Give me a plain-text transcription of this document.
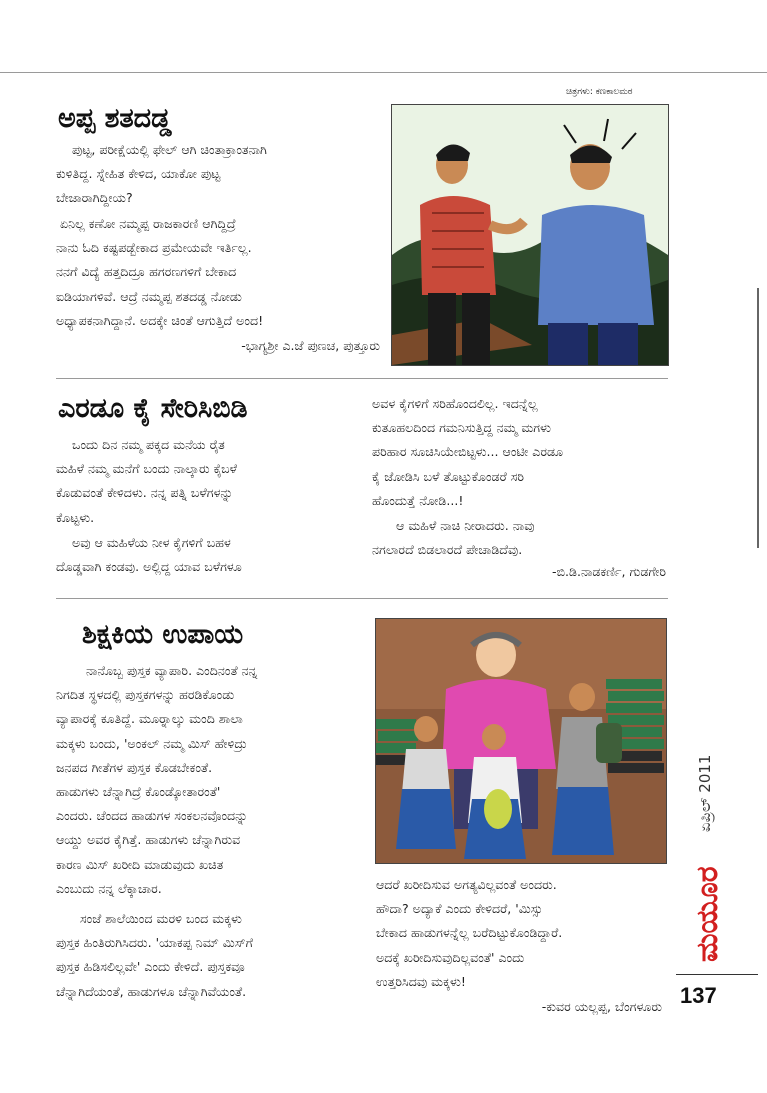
ಚಿತ್ರಗಳು: ಕಣಕಾಲಮಠ
ಅಪ್ಪ ಶತದಡ್ಡ

ಪುಟ್ಟ, ಪರೀಕ್ಷೆಯಲ್ಲಿ ಫೇಲ್ ಆಗಿ ಚಿಂತಾಕ್ರಾಂತನಾಗಿ
ಕುಳಿತಿದ್ದ. ಸ್ನೇಹಿತ ಕೇಳಿದ, ಯಾಕೋ ಪುಟ್ಟ
ಬೇಜಾರಾಗಿದ್ದೀಯ?

ಏನಿಲ್ಲ ಕಣೋ ನಮ್ಮಪ್ಪ ರಾಜಕಾರಣಿ ಆಗಿದ್ದಿದ್ರೆ
ನಾನು ಓದಿ ಕಷ್ಟಪಡ್ಬೇಕಾದ ಪ್ರಮೇಯವೇ ಇರ್ತಿಲ್ಲ.
ನನಗೆ ವಿದ್ಯೆ ಹತ್ತದಿದ್ರೂ ಹಗರಣಗಳಿಗೆ ಬೇಕಾದ
ಐಡಿಯಾಗಳಿವೆ. ಆದ್ರೆ ನಮ್ಮಪ್ಪ ಶತದಡ್ಡ ನೋಡು
ಅಧ್ಯಾಪಕನಾಗಿದ್ದಾನೆ. ಅದಕ್ಕೇ ಚಿಂತೆ ಆಗುತ್ತಿದೆ ಅಂದ!

-ಭಾಗ್ಯಶ್ರೀ ಎ.ಜೆ ಪುಣಚ, ಪುತ್ತೂರು
ಎರಡೂ ಕೈ ಸೇರಿಸಿಬಿಡಿ

ಒಂದು ದಿನ ನಮ್ಮ ಪಕ್ಕದ ಮನೆಯ ರೈತ
ಮಹಿಳೆ ನಮ್ಮ ಮನೆಗೆ ಬಂದು ನಾಲ್ಕಾರು ಕೈಬಳೆ
ಕೊಡುವಂತೆ ಕೇಳಿದಳು. ನನ್ನ ಪತ್ನಿ ಬಳೆಗಳನ್ನು
ಕೊಟ್ಟಳು.

ಅವು ಆ ಮಹಿಳೆಯ ನೀಳ ಕೈಗಳಿಗೆ ಬಹಳ
ದೊಡ್ಡವಾಗಿ ಕಂಡವು. ಅಲ್ಲಿದ್ದ ಯಾವ ಬಳೆಗಳೂ

ಅವಳ ಕೈಗಳಿಗೆ ಸರಿಹೊಂದಲಿಲ್ಲ. ಇದನ್ನೆಲ್ಲ
ಕುತೂಹಲದಿಂದ ಗಮನಿಸುತ್ತಿದ್ದ ನಮ್ಮ ಮಗಳು
ಪರಿಹಾರ ಸೂಚಿಸಿಯೇಬಿಟ್ಟಳು... ಆಂಟೀ ಎರಡೂ
ಕೈ ಜೋಡಿಸಿ ಬಳೆ ತೊಟ್ಟುಕೊಂಡರೆ ಸರಿ
ಹೊಂದುತ್ತೆ ನೋಡಿ...!

ಆ ಮಹಿಳೆ ನಾಚಿ ನೀರಾದರು. ನಾವು
ನಗಲಾರದೆ ಬಿಡಲಾರದೆ ಪೇಚಾಡಿದೆವು.

-ಬಿ.ಡಿ.ನಾಡಕರ್ಣಿ, ಗುಡಗೇರಿ
ಶಿಕ್ಷಕಿಯ ಉಪಾಯ

ನಾನೊಬ್ಬ ಪುಸ್ತಕ ವ್ಯಾಪಾರಿ. ಎಂದಿನಂತೆ ನನ್ನ
ನಿಗದಿತ ಸ್ಥಳದಲ್ಲಿ ಪುಸ್ತಕಗಳನ್ನು ಹರಡಿಕೊಂಡು
ವ್ಯಾಪಾರಕ್ಕೆ ಕೂತಿದ್ದೆ. ಮೂರ‍್ನಾಲ್ಕು ಮಂದಿ ಶಾಲಾ
ಮಕ್ಕಳು ಬಂದು, 'ಅಂಕಲ್ ನಮ್ಮ ಮಿಸ್ ಹೇಳಿದ್ರು
ಜನಪದ ಗೀತೆಗಳ ಪುಸ್ತಕ ಕೊಡಬೇಕಂತೆ.
ಹಾಡುಗಳು ಚೆನ್ನಾಗಿದ್ರೆ ಕೊಂಡ್ಕೋತಾರಂತೆ'
ಎಂದರು. ಚೆಂದದ ಹಾಡುಗಳ ಸಂಕಲನವೊಂದನ್ನು
ಆಯ್ದು ಅವರ ಕೈಗಿತ್ತೆ. ಹಾಡುಗಳು ಚೆನ್ನಾಗಿರುವ
ಕಾರಣ ಮಿಸ್ ಖರೀದಿ ಮಾಡುವುದು ಖಚಿತ
ಎಂಬುದು ನನ್ನ ಲೆಕ್ಕಾಚಾರ.

ಸಂಜೆ ಶಾಲೆಯಿಂದ ಮರಳಿ ಬಂದ ಮಕ್ಕಳು
ಪುಸ್ತಕ ಹಿಂತಿರುಗಿಸಿದರು. 'ಯಾಕಪ್ಪ ನಿಮ್ ಮಿಸ್‌ಗೆ
ಪುಸ್ತಕ ಹಿಡಿಸಲಿಲ್ಲವೇ' ಎಂದು ಕೇಳಿದೆ. ಪುಸ್ತಕವೂ
ಚೆನ್ನಾಗಿದೆಯಂತೆ, ಹಾಡುಗಳೂ ಚೆನ್ನಾಗಿವೆಯಂತೆ.

ಆದರೆ ಖರೀದಿಸುವ ಅಗತ್ಯವಿಲ್ಲವಂತೆ ಅಂದರು.
ಹೌದಾ? ಅದ್ಯಾಕೆ ಎಂದು ಕೇಳಿದರೆ, 'ಮಿಸ್ಸು
ಬೇಕಾದ ಹಾಡುಗಳನ್ನೆಲ್ಲ ಬರೆದಿಟ್ಟುಕೊಂಡಿದ್ದಾರೆ.
ಅದಕ್ಕೆ ಖರೀದಿಸುವುದಿಲ್ಲವಂತೆ' ಎಂದು
ಉತ್ತರಿಸಿದವು ಮಕ್ಕಳು!

-ಕುವರ ಯಲ್ಲಪ್ಪ, ಬೆಂಗಳೂರು
ಏಪ್ರಿಲ್ 2011
ಮಯೂರ
137
